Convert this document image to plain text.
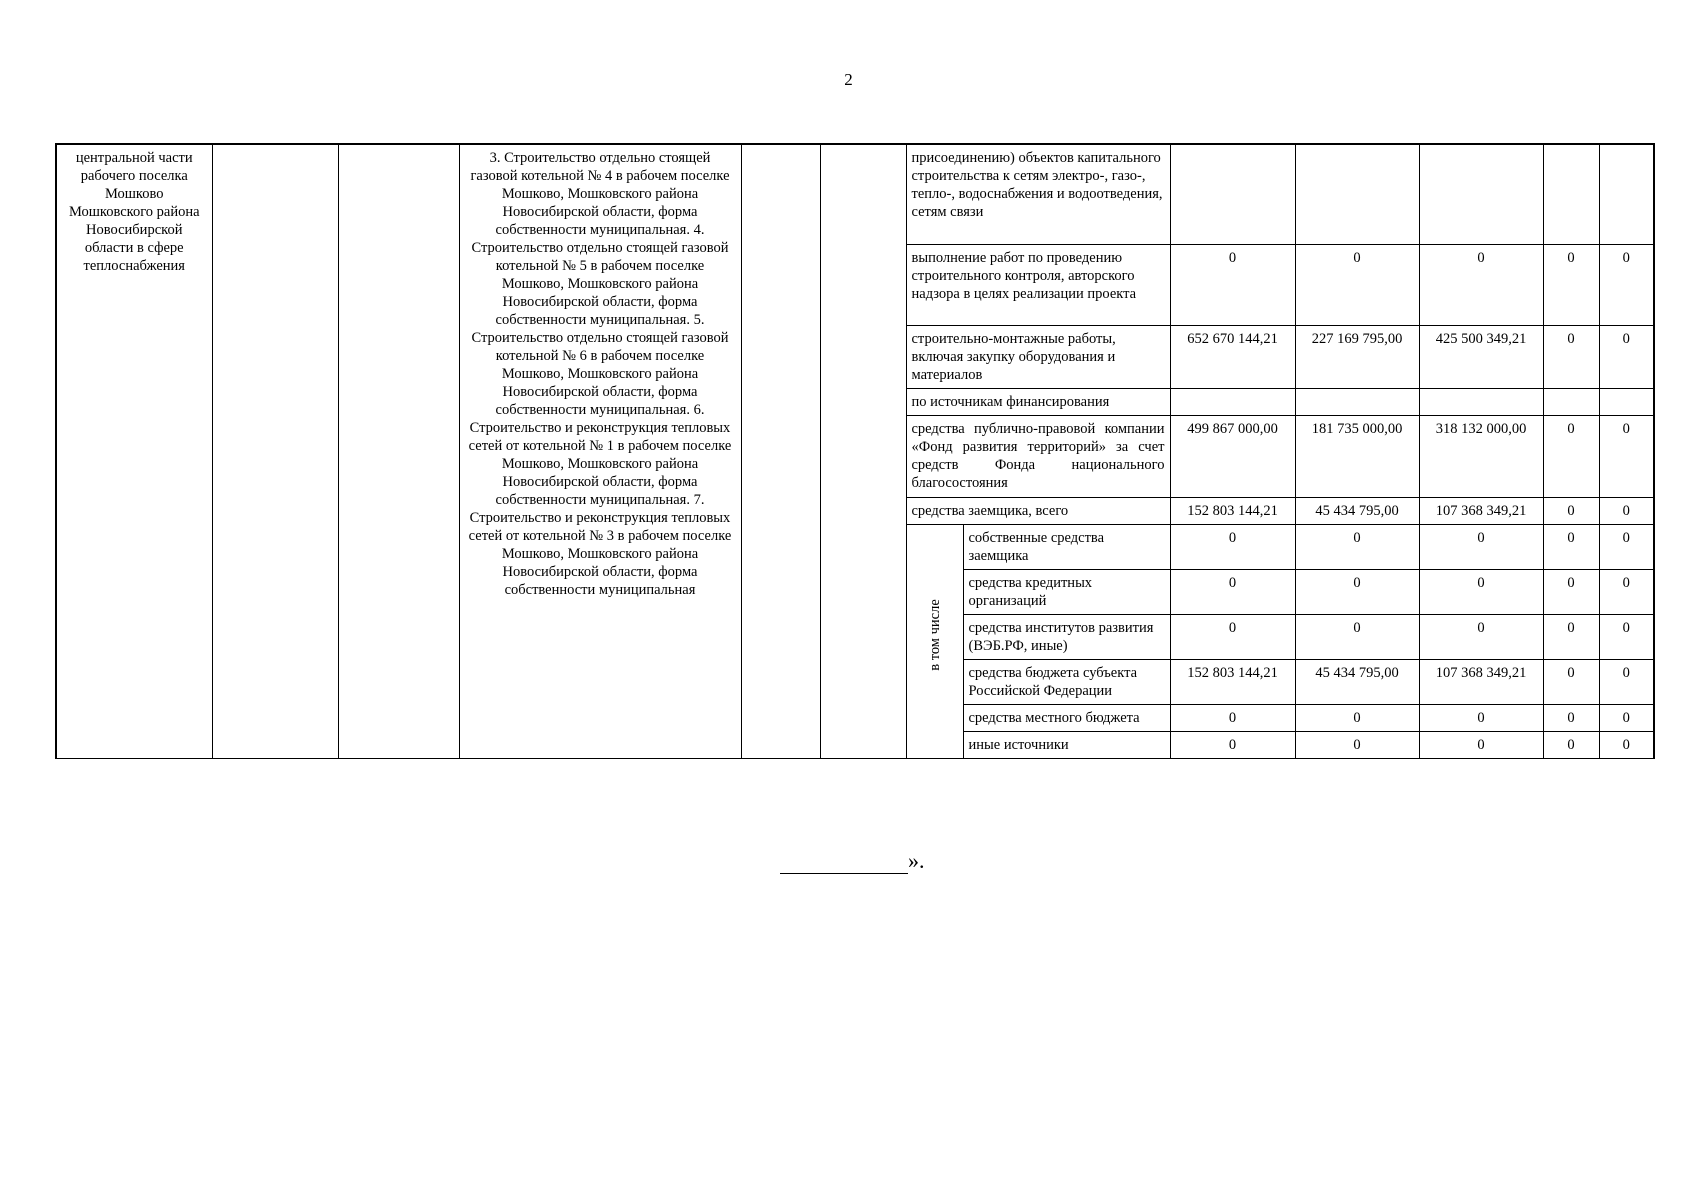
2
центральной части рабочего поселка Мошково Мошковского района Новосибирской области в сфере теплоснабжения			3. Строительство отдельно стоящей газовой котельной № 4 в рабочем поселке Мошково, Мошковского района Новосибирской области, форма собственности муниципальная. 4. Строительство отдельно стоящей газовой котельной № 5 в рабочем поселке Мошково, Мошковского района Новосибирской области, форма собственности муниципальная. 5. Строительство отдельно стоящей газовой котельной № 6 в рабочем поселке Мошково, Мошковского района Новосибирской области, форма собственности муниципальная. 6. Строительство и реконструкция тепловых сетей от котельной № 1 в рабочем поселке Мошково, Мошковского района Новосибирской области, форма собственности муниципальная. 7. Строительство и реконструкция тепловых сетей от котельной № 3 в рабочем поселке Мошково, Мошковского района Новосибирской области, форма собственности муниципальная			присоединению) объектов капитального строительства к сетям электро-, газо-, тепло-, водоснабжения и водоотведения, сетям связи						
						выполнение работ по проведению строительного контроля, авторского надзора в целях реализации проекта		0	0	0	0	0
						строительно-монтажные работы, включая закупку оборудования и материалов		652 670 144,21	227 169 795,00	425 500 349,21	0	0
						по источникам финансирования						
						средства публично-правовой компании «Фонд развития территорий» за счет средств Фонда национального благосостояния		499 867 000,00	181 735 000,00	318 132 000,00	0	0
						средства заемщика, всего		152 803 144,21	45 434 795,00	107 368 349,21	0	0

						в том числе	собственные средства заемщика	0	0	0	0	0
							средства кредитных организаций	0	0	0	0	0
							средства институтов развития (ВЭБ.РФ, иные)	0	0	0	0	0
							средства бюджета субъекта Российской Федерации	152 803 144,21	45 434 795,00	107 368 349,21	0	0
							средства местного бюджета	0	0	0	0	0
							иные источники	0	0	0	0	0

».
